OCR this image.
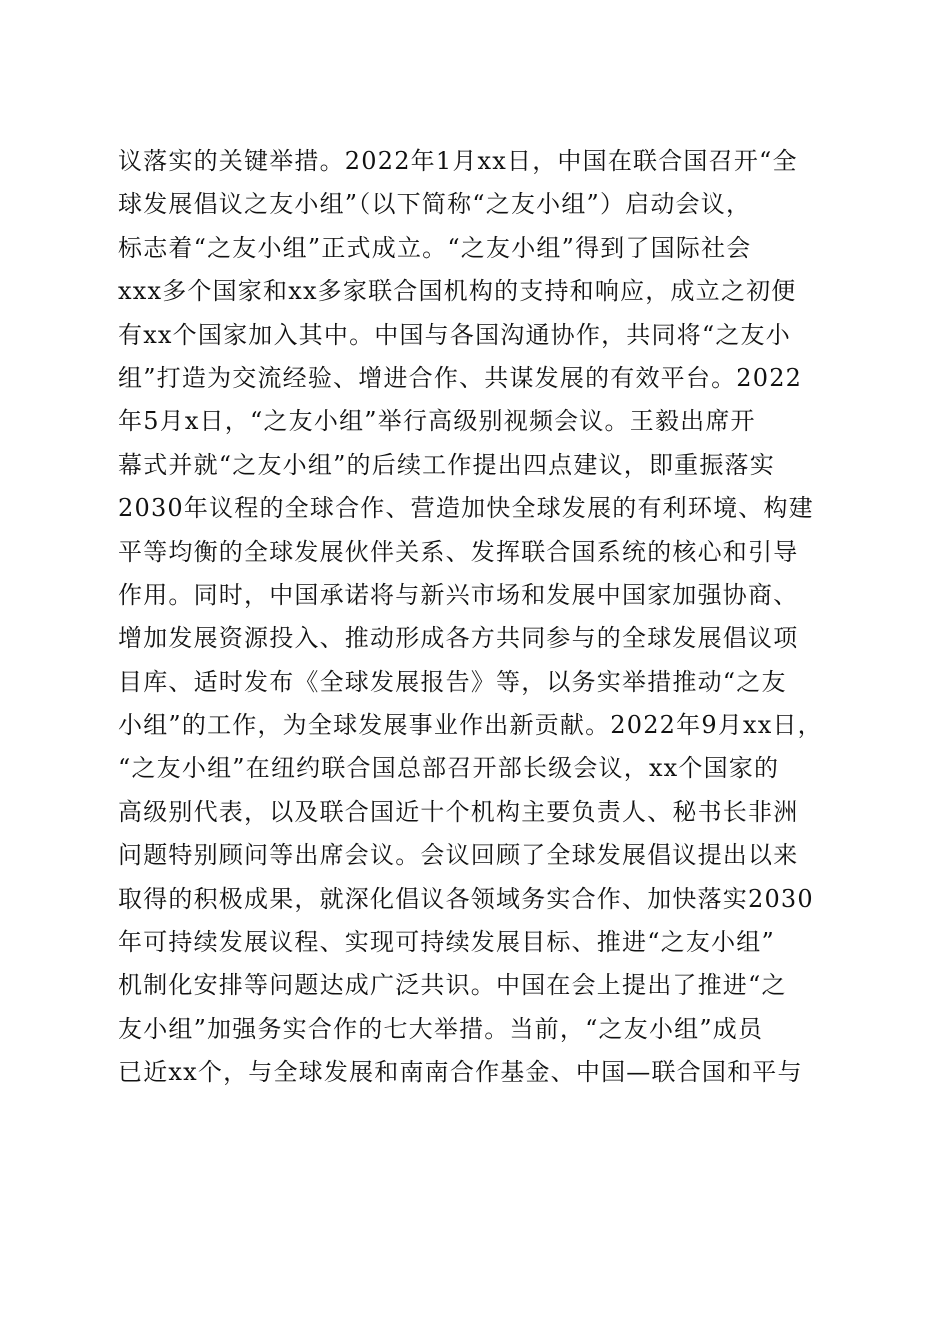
议落实的关键举措。2022年1月xx日，中国在联合国召开“全
球发展倡议之友小组”（以下简称“之友小组”）启动会议，
标志着“之友小组”正式成立。“之友小组”得到了国际社会
xxx多个国家和xx多家联合国机构的支持和响应，成立之初便
有xx个国家加入其中。中国与各国沟通协作，共同将“之友小
组”打造为交流经验、增进合作、共谋发展的有效平台。2022
年5月x日，“之友小组”举行高级别视频会议。王毅出席开
幕式并就“之友小组”的后续工作提出四点建议，即重振落实
2030年议程的全球合作、营造加快全球发展的有利环境、构建
平等均衡的全球发展伙伴关系、发挥联合国系统的核心和引导
作用。同时，中国承诺将与新兴市场和发展中国家加强协商、
增加发展资源投入、推动形成各方共同参与的全球发展倡议项
目库、适时发布《全球发展报告》等，以务实举措推动“之友
小组”的工作，为全球发展事业作出新贡献。2022年9月xx日，
“之友小组”在纽约联合国总部召开部长级会议，xx个国家的
高级别代表，以及联合国近十个机构主要负责人、秘书长非洲
问题特别顾问等出席会议。会议回顾了全球发展倡议提出以来
取得的积极成果，就深化倡议各领域务实合作、加快落实2030
年可持续发展议程、实现可持续发展目标、推进“之友小组”
机制化安排等问题达成广泛共识。中国在会上提出了推进“之
友小组”加强务实合作的七大举措。当前，“之友小组”成员
已近xx个，与全球发展和南南合作基金、中国—联合国和平与
